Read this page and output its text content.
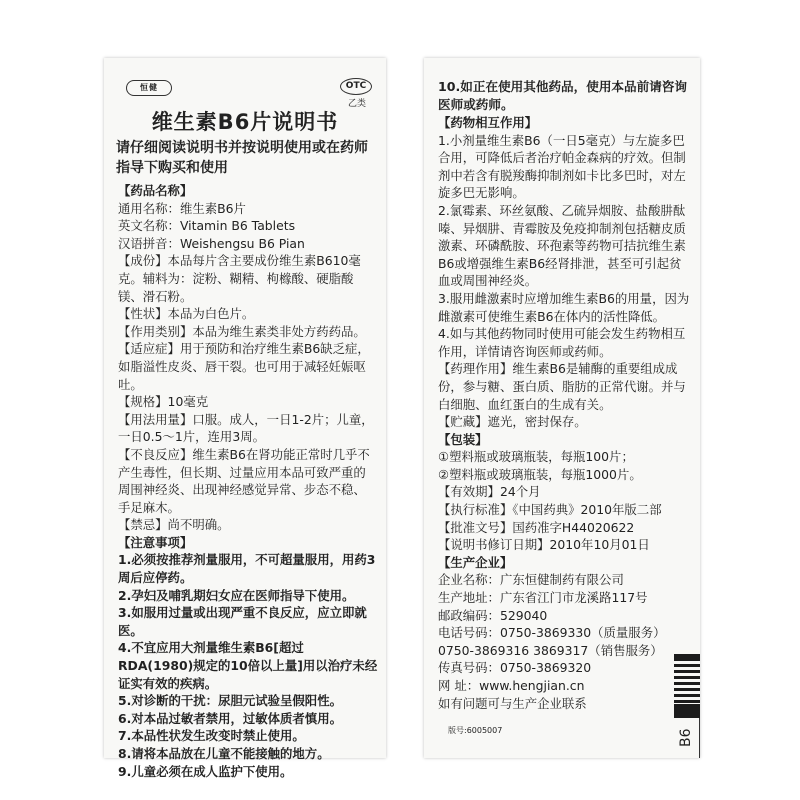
恒健	OTC
乙类
维生素B6片说明书
请仔细阅读说明书并按说明使用或在药师指导下购买和使用

【药品名称】

通用名称：维生素B6片

英文名称：Vitamin B6 Tablets

汉语拼音：Weishengsu B6 Pian

【成份】本品每片含主要成份维生素B610毫克。辅料为：淀粉、糊精、枸橼酸、硬脂酸镁、滑石粉。

【性状】本品为白色片。

【作用类别】本品为维生素类非处方药药品。

【适应症】用于预防和治疗维生素B6缺乏症，如脂溢性皮炎、唇干裂。也可用于减轻妊娠呕吐。

【规格】10毫克

【用法用量】口服。成人，一日1-2片；儿童，一日0.5～1片，连用3周。

【不良反应】维生素B6在肾功能正常时几乎不产生毒性，但长期、过量应用本品可致严重的周围神经炎、出现神经感觉异常、步态不稳、手足麻木。

【禁忌】尚不明确。

【注意事项】

1.必须按推荐剂量服用，不可超量服用，用药3周后应停药。

2.孕妇及哺乳期妇女应在医师指导下使用。

3.如服用过量或出现严重不良反应，应立即就医。

4.不宜应用大剂量维生素B6[超过RDA(1980)规定的10倍以上量]用以治疗未经证实有效的疾病。

5.对诊断的干扰：尿胆元试验呈假阳性。

6.对本品过敏者禁用，过敏体质者慎用。

7.本品性状发生改变时禁止使用。

8.请将本品放在儿童不能接触的地方。

9.儿童必须在成人监护下使用。

10.如正在使用其他药品，使用本品前请咨询医师或药师。

【药物相互作用】

1.小剂量维生素B6（一日5毫克）与左旋多巴合用，可降低后者治疗帕金森病的疗效。但制剂中若含有脱羧酶抑制剂如卡比多巴时，对左旋多巴无影响。

2.氯霉素、环丝氨酸、乙硫异烟胺、盐酸肼酞嗪、异烟肼、青霉胺及免疫抑制剂包括糖皮质激素、环磷酰胺、环孢素等药物可拮抗维生素B6或增强维生素B6经肾排泄，甚至可引起贫血或周围神经炎。

3.服用雌激素时应增加维生素B6的用量，因为雌激素可使维生素B6在体内的活性降低。

4.如与其他药物同时使用可能会发生药物相互作用，详情请咨询医师或药师。

【药理作用】维生素B6是辅酶的重要组成成份，参与糖、蛋白质、脂肪的正常代谢。并与白细胞、血红蛋白的生成有关。

【贮藏】遮光，密封保存。

【包装】

①塑料瓶或玻璃瓶装，每瓶100片；

②塑料瓶或玻璃瓶装，每瓶1000片。

【有效期】24个月

【执行标准】《中国药典》2010年版二部

【批准文号】国药准字H44020622

【说明书修订日期】2010年10月01日

【生产企业】

企业名称：广东恒健制药有限公司

生产地址：广东省江门市龙溪路117号

邮政编码：529040

电话号码：0750-3869330（质量服务）

0750-3869316 3869317（销售服务）

传真号码：0750-3869320

网 址：www.hengjian.cn

如有问题可与生产企业联系

版号:6005007	B6
